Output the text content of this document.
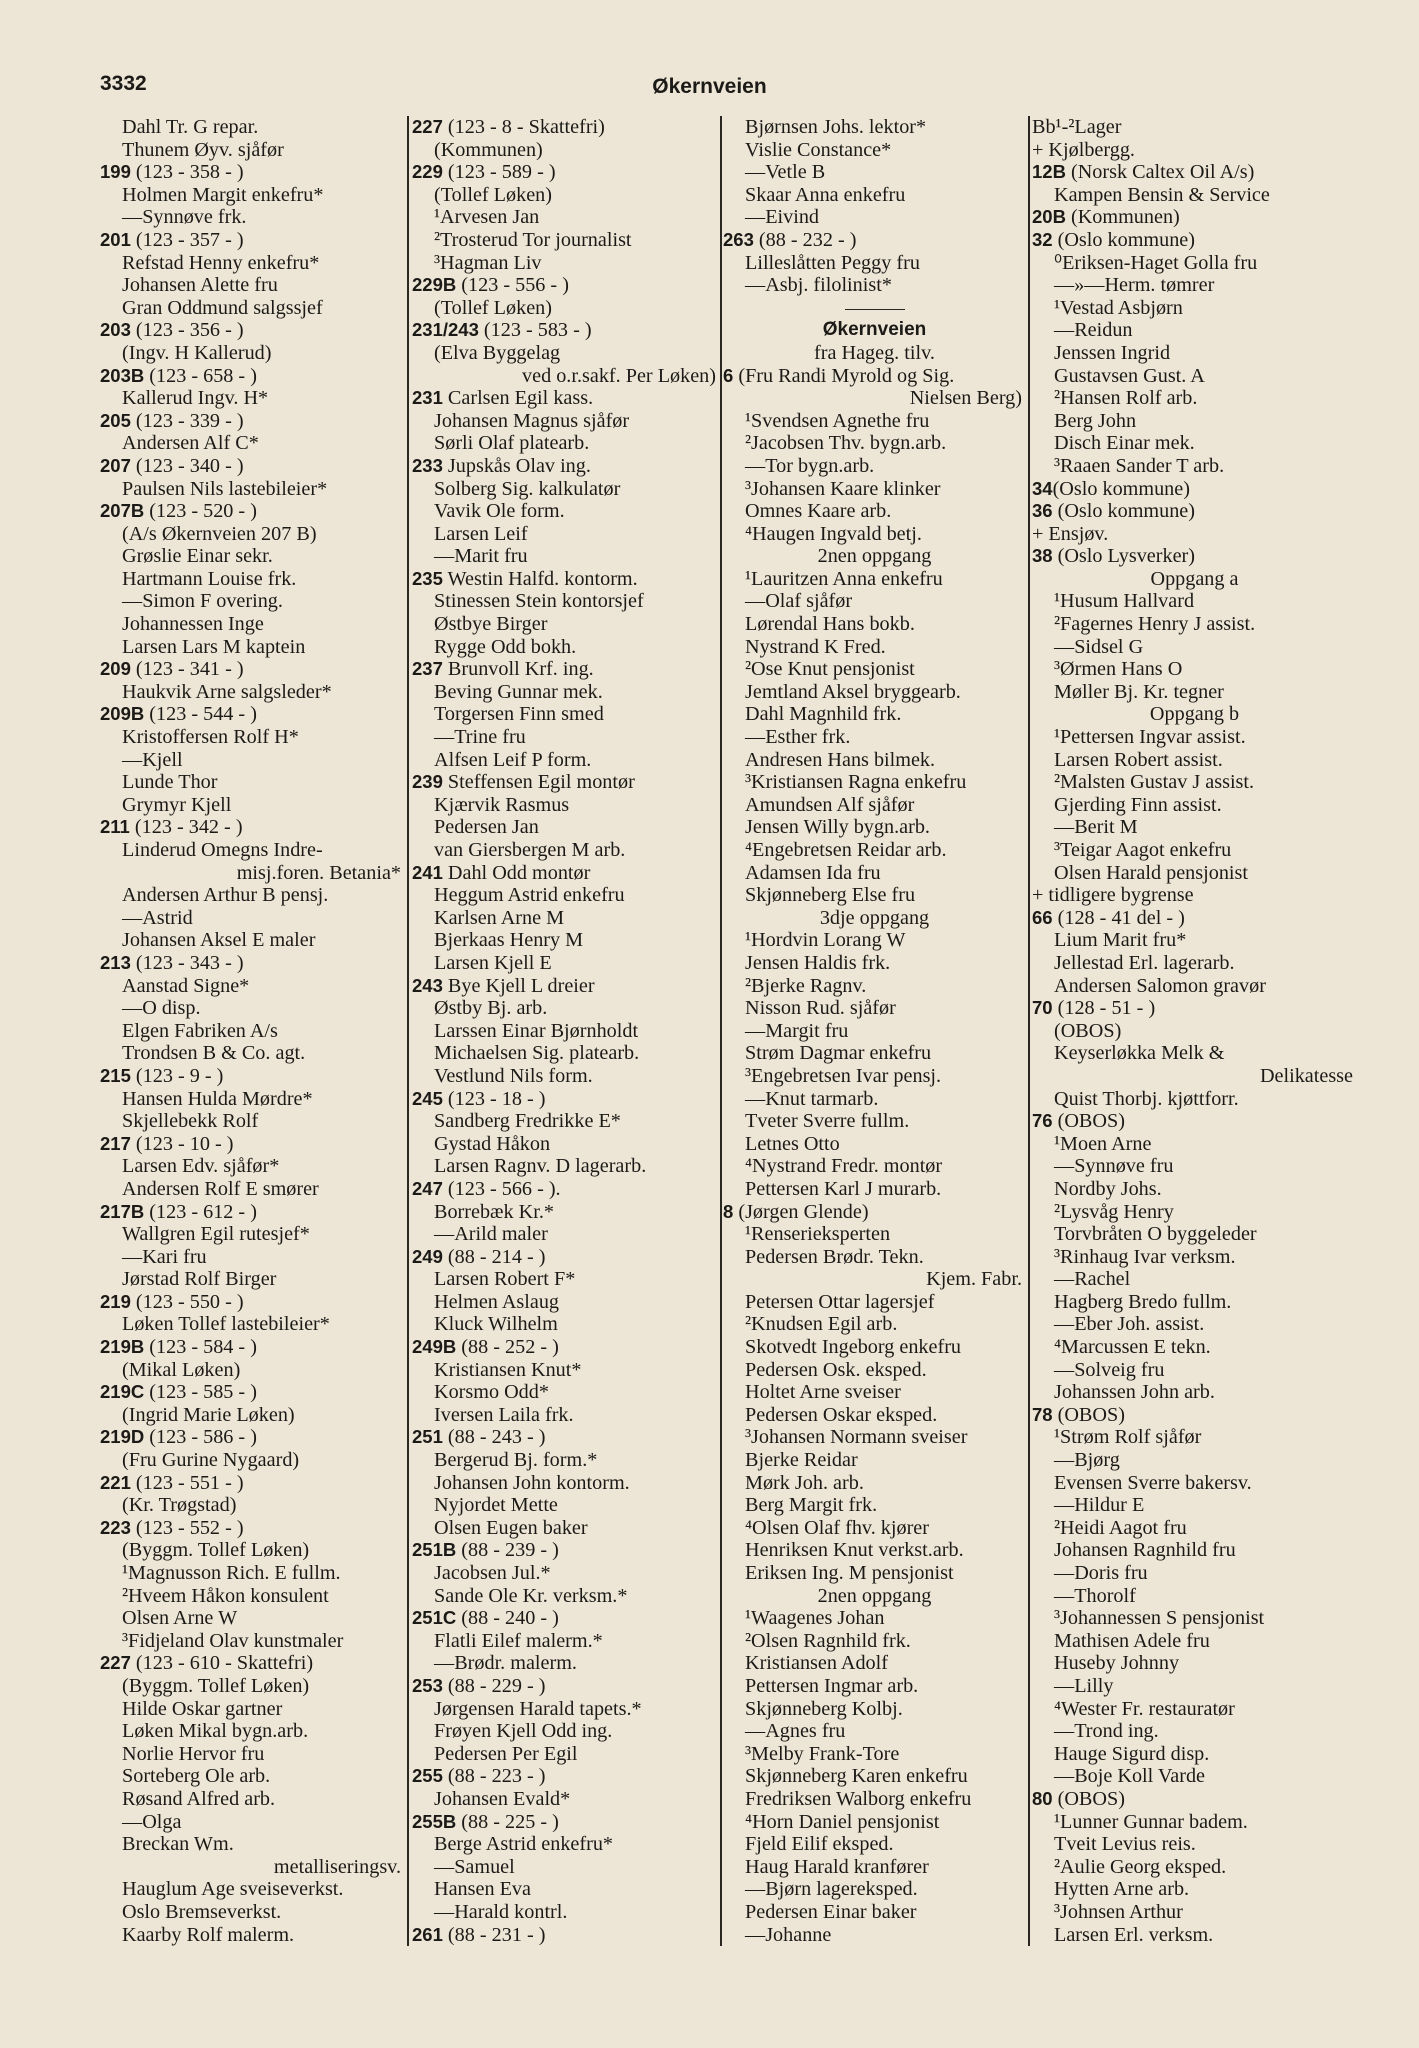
3332	Økernveien
Dahl Tr. G repar.
Thunem Øyv. sjåfør
199 (123 - 358 - )
Holmen Margit enkefru*
—Synnøve frk.
201 (123 - 357 - )
Refstad Henny enkefru*
Johansen Alette fru
Gran Oddmund salgssjef
203 (123 - 356 - )
(Ingv. H Kallerud)
203B (123 - 658 - )
Kallerud Ingv. H*
205 (123 - 339 - )
Andersen Alf C*
207 (123 - 340 - )
Paulsen Nils lastebileier*
207B (123 - 520 - )
(A/s Økernveien 207 B)
Grøslie Einar sekr.
Hartmann Louise frk.
—Simon F overing.
Johannessen Inge
Larsen Lars M kaptein
209 (123 - 341 - )
Haukvik Arne salgsleder*
209B (123 - 544 - )
Kristoffersen Rolf H*
—Kjell
Lunde Thor
Grymyr Kjell
211 (123 - 342 - )
Linderud Omegns Indre-
misj.foren. Betania*
Andersen Arthur B pensj.
—Astrid
Johansen Aksel E maler
213 (123 - 343 - )
Aanstad Signe*
—O disp.
Elgen Fabriken A/s
Trondsen B & Co. agt.
215 (123 - 9 - )
Hansen Hulda Mørdre*
Skjellebekk Rolf
217 (123 - 10 - )
Larsen Edv. sjåfør*
Andersen Rolf E smører
217B (123 - 612 - )
Wallgren Egil rutesjef*
—Kari fru
Jørstad Rolf Birger
219 (123 - 550 - )
Løken Tollef lastebileier*
219B (123 - 584 - )
(Mikal Løken)
219C (123 - 585 - )
(Ingrid Marie Løken)
219D (123 - 586 - )
(Fru Gurine Nygaard)
221 (123 - 551 - )
(Kr. Trøgstad)
223 (123 - 552 - )
(Byggm. Tollef Løken)
¹Magnusson Rich. E fullm.
²Hveem Håkon konsulent
Olsen Arne W
³Fidjeland Olav kunstmaler
227 (123 - 610 - Skattefri)
(Byggm. Tollef Løken)
Hilde Oskar gartner
Løken Mikal bygn.arb.
Norlie Hervor fru
Sorteberg Ole arb.
Røsand Alfred arb.
—Olga
Breckan Wm.
metalliseringsv.
Hauglum Age sveiseverkst.
Oslo Bremseverkst.
Kaarby Rolf malerm.
227 (123 - 8 - Skattefri)
(Kommunen)
229 (123 - 589 - )
(Tollef Løken)
¹Arvesen Jan
²Trosterud Tor journalist
³Hagman Liv
229B (123 - 556 - )
(Tollef Løken)
231/243 (123 - 583 - )
(Elva Byggelag
ved o.r.sakf. Per Løken)
231 Carlsen Egil kass.
Johansen Magnus sjåfør
Sørli Olaf platearb.
233 Jupskås Olav ing.
Solberg Sig. kalkulatør
Vavik Ole form.
Larsen Leif
—Marit fru
235 Westin Halfd. kontorm.
Stinessen Stein kontorsjef
Østbye Birger
Rygge Odd bokh.
237 Brunvoll Krf. ing.
Beving Gunnar mek.
Torgersen Finn smed
—Trine fru
Alfsen Leif P form.
239 Steffensen Egil montør
Kjærvik Rasmus
Pedersen Jan
van Giersbergen M arb.
241 Dahl Odd montør
Heggum Astrid enkefru
Karlsen Arne M
Bjerkaas Henry M
Larsen Kjell E
243 Bye Kjell L dreier
Østby Bj. arb.
Larssen Einar Bjørnholdt
Michaelsen Sig. platearb.
Vestlund Nils form.
245 (123 - 18 - )
Sandberg Fredrikke E*
Gystad Håkon
Larsen Ragnv. D lagerarb.
247 (123 - 566 - ).
Borrebæk Kr.*
—Arild maler
249 (88 - 214 - )
Larsen Robert F*
Helmen Aslaug
Kluck Wilhelm
249B (88 - 252 - )
Kristiansen Knut*
Korsmo Odd*
Iversen Laila frk.
251 (88 - 243 - )
Bergerud Bj. form.*
Johansen John kontorm.
Nyjordet Mette
Olsen Eugen baker
251B (88 - 239 - )
Jacobsen Jul.*
Sande Ole Kr. verksm.*
251C (88 - 240 - )
Flatli Eilef malerm.*
—Brødr. malerm.
253 (88 - 229 - )
Jørgensen Harald tapets.*
Frøyen Kjell Odd ing.
Pedersen Per Egil
255 (88 - 223 - )
Johansen Evald*
255B (88 - 225 - )
Berge Astrid enkefru*
—Samuel
Hansen Eva
—Harald kontrl.
261 (88 - 231 - )
Bjørnsen Johs. lektor*
Vislie Constance*
—Vetle B
Skaar Anna enkefru
—Eivind
263 (88 - 232 - )
Lilleslåtten Peggy fru
—Asbj. filolinist*
Økernveien
fra Hageg. tilv.
6 (Fru Randi Myrold og Sig.
Nielsen Berg)
¹Svendsen Agnethe fru
²Jacobsen Thv. bygn.arb.
—Tor bygn.arb.
³Johansen Kaare klinker
Omnes Kaare arb.
⁴Haugen Ingvald betj.
2nen oppgang
¹Lauritzen Anna enkefru
—Olaf sjåfør
Lørendal Hans bokb.
Nystrand K Fred.
²Ose Knut pensjonist
Jemtland Aksel bryggearb.
Dahl Magnhild frk.
—Esther frk.
Andresen Hans bilmek.
³Kristiansen Ragna enkefru
Amundsen Alf sjåfør
Jensen Willy bygn.arb.
⁴Engebretsen Reidar arb.
Adamsen Ida fru
Skjønneberg Else fru
3dje oppgang
¹Hordvin Lorang W
Jensen Haldis frk.
²Bjerke Ragnv.
Nisson Rud. sjåfør
—Margit fru
Strøm Dagmar enkefru
³Engebretsen Ivar pensj.
—Knut tarmarb.
Tveter Sverre fullm.
Letnes Otto
⁴Nystrand Fredr. montør
Pettersen Karl J murarb.
8 (Jørgen Glende)
¹Renserieksperten
Pedersen Brødr. Tekn.
Kjem. Fabr.
Petersen Ottar lagersjef
²Knudsen Egil arb.
Skotvedt Ingeborg enkefru
Pedersen Osk. eksped.
Holtet Arne sveiser
Pedersen Oskar eksped.
³Johansen Normann sveiser
Bjerke Reidar
Mørk Joh. arb.
Berg Margit frk.
⁴Olsen Olaf fhv. kjører
Henriksen Knut verkst.arb.
Eriksen Ing. M pensjonist
2nen oppgang
¹Waagenes Johan
²Olsen Ragnhild frk.
Kristiansen Adolf
Pettersen Ingmar arb.
Skjønneberg Kolbj.
—Agnes fru
³Melby Frank-Tore
Skjønneberg Karen enkefru
Fredriksen Walborg enkefru
⁴Horn Daniel pensjonist
Fjeld Eilif eksped.
Haug Harald kranfører
—Bjørn lagereksped.
Pedersen Einar baker
—Johanne
Bb¹-²Lager
+ Kjølbergg.
12B (Norsk Caltex Oil A/s)
Kampen Bensin & Service
20B (Kommunen)
32 (Oslo kommune)
⁰Eriksen-Haget Golla fru
—»—Herm. tømrer
¹Vestad Asbjørn
—Reidun
Jenssen Ingrid
Gustavsen Gust. A
²Hansen Rolf arb.
Berg John
Disch Einar mek.
³Raaen Sander T arb.
34(Oslo kommune)
36 (Oslo kommune)
+ Ensjøv.
38 (Oslo Lysverker)
Oppgang a
¹Husum Hallvard
²Fagernes Henry J assist.
—Sidsel G
³Ørmen Hans O
Møller Bj. Kr. tegner
Oppgang b
¹Pettersen Ingvar assist.
Larsen Robert assist.
²Malsten Gustav J assist.
Gjerding Finn assist.
—Berit M
³Teigar Aagot enkefru
Olsen Harald pensjonist
+ tidligere bygrense
66 (128 - 41 del - )
Lium Marit fru*
Jellestad Erl. lagerarb.
Andersen Salomon gravør
70 (128 - 51 - )
(OBOS)
Keyserløkka Melk &
Delikatesse
Quist Thorbj. kjøttforr.
76 (OBOS)
¹Moen Arne
—Synnøve fru
Nordby Johs.
²Lysvåg Henry
Torvbråten O byggeleder
³Rinhaug Ivar verksm.
—Rachel
Hagberg Bredo fullm.
—Eber Joh. assist.
⁴Marcussen E tekn.
—Solveig fru
Johanssen John arb.
78 (OBOS)
¹Strøm Rolf sjåfør
—Bjørg
Evensen Sverre bakersv.
—Hildur E
²Heidi Aagot fru
Johansen Ragnhild fru
—Doris fru
—Thorolf
³Johannessen S pensjonist
Mathisen Adele fru
Huseby Johnny
—Lilly
⁴Wester Fr. restauratør
—Trond ing.
Hauge Sigurd disp.
—Boje Koll Varde
80 (OBOS)
¹Lunner Gunnar badem.
Tveit Levius reis.
²Aulie Georg eksped.
Hytten Arne arb.
³Johnsen Arthur
Larsen Erl. verksm.
